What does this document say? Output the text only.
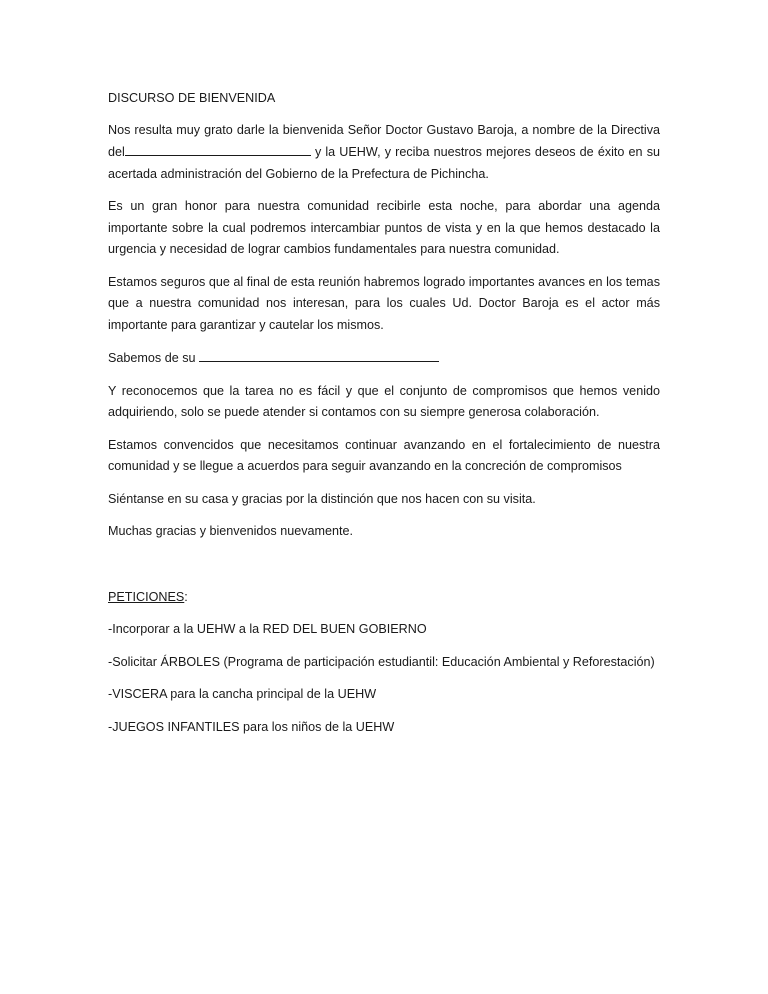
DISCURSO DE BIENVENIDA
Nos resulta muy grato darle la bienvenida Señor Doctor Gustavo Baroja, a nombre de la Directiva del	y la UEHW, y reciba nuestros mejores deseos de éxito en su acertada administración del Gobierno de la Prefectura de Pichincha.
Es un gran honor para nuestra comunidad recibirle esta noche, para abordar una agenda importante sobre la cual podremos intercambiar puntos de vista y en la que hemos destacado la urgencia y necesidad de lograr cambios fundamentales para nuestra comunidad.
Estamos seguros que al final de esta reunión habremos logrado importantes avances en los temas que a nuestra comunidad nos interesan, para los cuales Ud. Doctor Baroja es el actor más importante para garantizar y cautelar los mismos.
Sabemos de su
Y reconocemos que la tarea no es fácil y que el conjunto de compromisos que hemos venido adquiriendo, solo se puede atender si contamos con su siempre generosa colaboración.
Estamos convencidos que necesitamos continuar avanzando en el fortalecimiento de nuestra comunidad y se llegue a acuerdos para seguir avanzando en la concreción de compromisos
Siéntanse en su casa y gracias por la distinción que nos hacen con su visita.
Muchas gracias y bienvenidos nuevamente.
PETICIONES:
-Incorporar a la UEHW a la RED DEL BUEN GOBIERNO
-Solicitar ÁRBOLES (Programa de participación estudiantil: Educación Ambiental y Reforestación)
-VISCERA para la cancha principal de la UEHW
-JUEGOS INFANTILES para los niños de la UEHW
